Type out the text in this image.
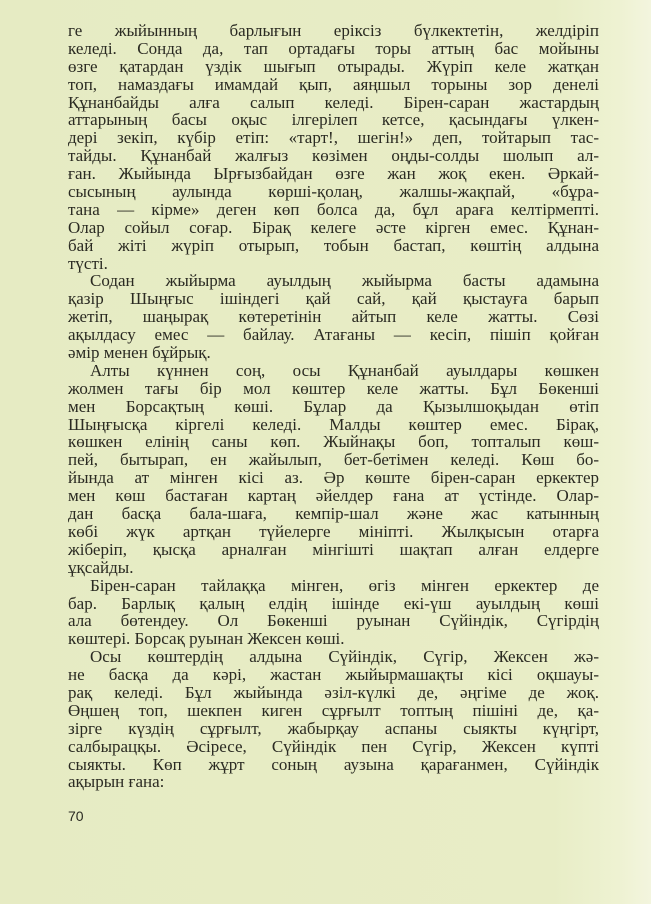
ге жыйынның барлығын еріксіз бүлкектетін, желдіріп
келеді. Сонда да, тап ортадағы торы аттың бас мойыны
өзге қатардан үздік шығып отырады. Жүріп келе жатқан
топ, намаздағы имамдай қып, аяңшыл торыны зор денелі
Құнанбайды алға салып келеді. Бірен-саран жастардың
аттарының басы оқыс ілгерілеп кетсе, қасындағы үлкен-
дері зекіп, күбір етіп: «тарт!, шегін!» деп, тойтарып тас-
тайды. Құнанбай жалғыз көзімен оңды-солды шолып ал-
ған. Жыйында Ырғызбайдан өзге жан жоқ екен. Әркай-
сысының аулында көрші-қолаң, жалшы-жақпай, «бұра-
тана — кірме» деген көп болса да, бұл араға келтірмепті.
Олар сойыл соғар. Бірақ келеге әсте кірген емес. Құнан-
бай жіті жүріп отырып, тобын бастап, көштің алдына
түсті.
Содан жыйырма ауылдың жыйырма басты адамына
қазір Шыңғыс ішіндегі қай сай, қай қыстауға барып
жетіп, шаңырақ көтеретінін айтып келе жатты. Сөзі
ақылдасу емес — байлау. Атағаны — кесіп, пішіп қойған
әмір менен бұйрық.
Алты күннен соң, осы Құнанбай ауылдары көшкен
жолмен тағы бір мол көштер келе жатты. Бұл Бөкенші
мен Борсақтың көші. Бұлар да Қызылшоқыдан өтіп
Шыңғысқа кіргелі келеді. Малды көштер емес. Бірақ,
көшкен елінің саны көп. Жыйнақы боп, топталып көш-
пей, бытырап, ен жайылып, бет-бетімен келеді. Көш бо-
йында ат мінген кісі аз. Әр көште бірен-саран еркектер
мен көш бастаған картаң әйелдер ғана ат үстінде. Олар-
дан басқа бала-шаға, кемпір-шал және жас катынның
көбі жүк артқан түйелерге мініпті. Жылқысын отарға
жіберіп, қысқа арналған мінгішті шақтап алған елдерге
ұқсайды.
Бірен-саран тайлаққа мінген, өгіз мінген еркектер де
бар. Барлық қалың елдің ішінде екі-үш ауылдың көші
ала бөтендеу. Ол Бөкенші руынан Сүйіндік, Сүгірдің
көштері. Борсақ руынан Жексен көші.
Осы көштердің алдына Сүйіндік, Сүгір, Жексен жә-
не басқа да кәрі, жастан жыйырмашақты кісі оқшауы-
рақ келеді. Бұл жыйында әзіл-күлкі де, әңгіме де жоқ.
Өңшең топ, шекпен киген сұрғылт топтың пішіні де, қа-
зірге күздің сұрғылт, жабырқау аспаны сыякты күңгірт,
салбырацқы. Әсіресе, Сүйіндік пен Сүгір, Жексен күпті
сыякты. Көп жұрт соның аузына қарағанмен, Сүйіндік
ақырын ғана:
70
